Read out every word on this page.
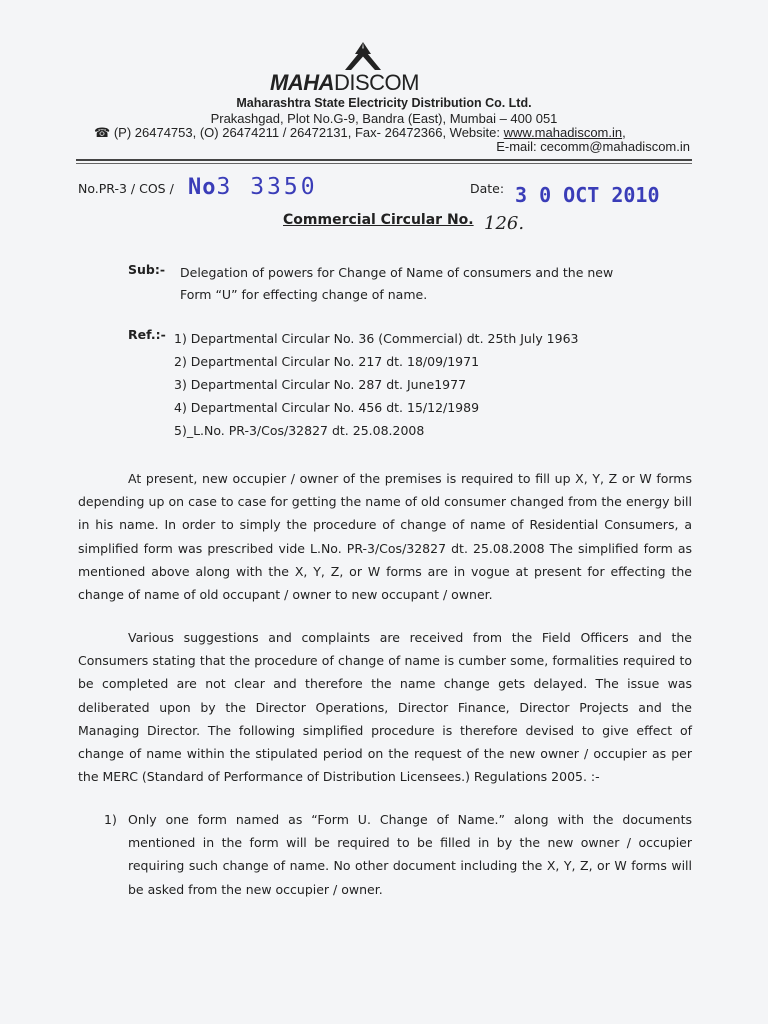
MAHADISCOM
Maharashtra State Electricity Distribution Co. Ltd.
Prakashgad, Plot No.G-9, Bandra (East), Mumbai – 400 051
☎ (P) 26474753, (O) 26474211 / 26472131, Fax- 26472366, Website: www.mahadiscom.in,
E-mail: cecomm@mahadiscom.in
No.PR-3 / COS / No3 3350	Date: 3 0 OCT 2010
Commercial Circular No. 126.
Sub:- Delegation of powers for Change of Name of consumers and the new
Form “U” for effecting change of name.
Ref.:- 1) Departmental Circular No. 36 (Commercial) dt. 25th July 1963
2) Departmental Circular No. 217 dt. 18/09/1971
3) Departmental Circular No. 287 dt. June1977
4) Departmental Circular No. 456 dt. 15/12/1989
5)_L.No. PR-3/Cos/32827 dt. 25.08.2008

At present, new occupier / owner of the premises is required to fill up X, Y, Z or W forms depending up on case to case for getting the name of old consumer changed from the energy bill in his name. In order to simply the procedure of change of name of Residential Consumers, a simplified form was prescribed vide L.No. PR-3/Cos/32827 dt. 25.08.2008 The simplified form as mentioned above along with the X, Y, Z, or W forms are in vogue at present for effecting the change of name of old occupant / owner to new occupant / owner.

Various suggestions and complaints are received from the Field Officers and the Consumers stating that the procedure of change of name is cumber some, formalities required to be completed are not clear and therefore the name change gets delayed. The issue was deliberated upon by the Director Operations, Director Finance, Director Projects and the Managing Director. The following simplified procedure is therefore devised to give effect of change of name within the stipulated period on the request of the new owner / occupier as per the MERC (Standard of Performance of Distribution Licensees.) Regulations 2005. :-

1) Only one form named as “Form U. Change of Name.” along with the documents mentioned in the form will be required to be filled in by the new owner / occupier requiring such change of name. No other document including the X, Y, Z, or W forms will be asked from the new occupier / owner.
